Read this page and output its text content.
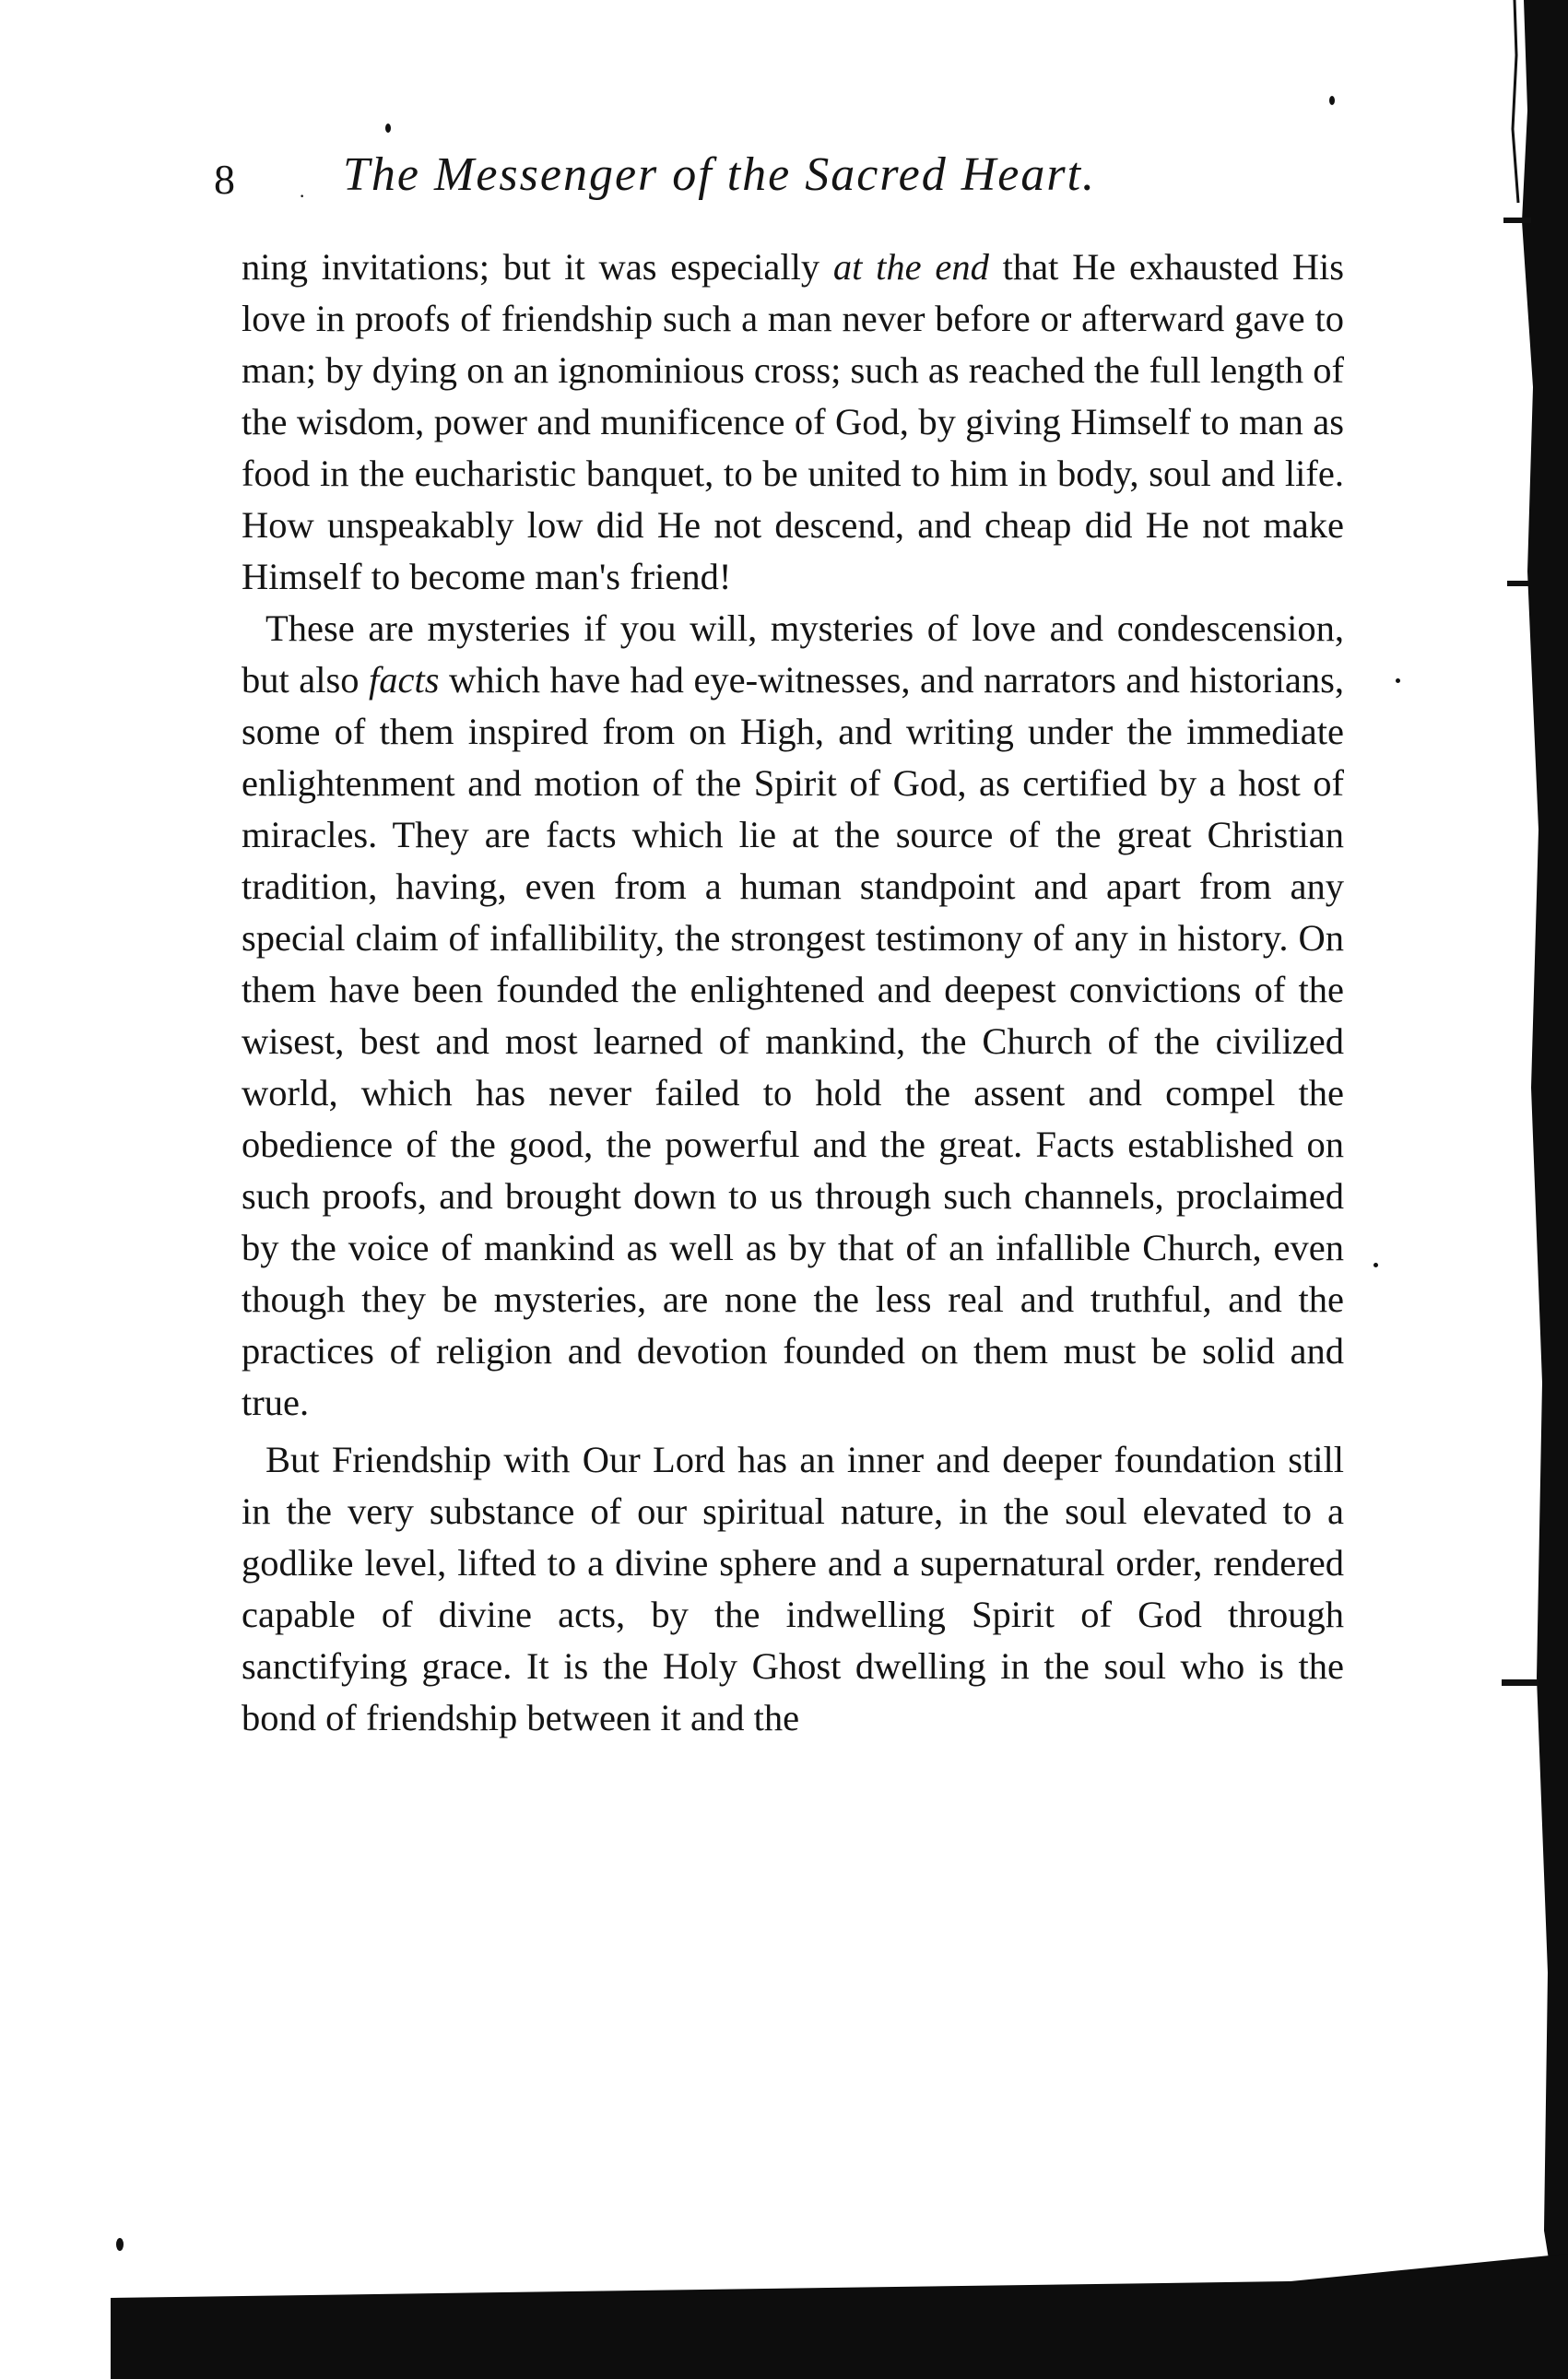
8	· The Messenger of the Sacred Heart.

ning invitations; but it was especially at the end that He exhausted His love in proofs of friendship such a man never before or afterward gave to man; by dying on an ignominious cross; such as reached the full length of the wisdom, power and munificence of God, by giving Himself to man as food in the eucharistic banquet, to be united to him in body, soul and life. How unspeakably low did He not descend, and cheap did He not make Himself to become man's friend!

These are mysteries if you will, mysteries of love and condescension, but also facts which have had eye-witnesses, and narrators and historians, some of them inspired from on High, and writing under the immediate enlightenment and motion of the Spirit of God, as certified by a host of miracles. They are facts which lie at the source of the great Christian tradition, having, even from a human standpoint and apart from any special claim of infallibility, the strongest testimony of any in history. On them have been founded the enlightened and deepest convictions of the wisest, best and most learned of mankind, the Church of the civilized world, which has never failed to hold the assent and compel the obedience of the good, the powerful and the great. Facts established on such proofs, and brought down to us through such channels, proclaimed by the voice of mankind as well as by that of an infallible Church, even though they be mysteries, are none the less real and truthful, and the practices of religion and devotion founded on them must be solid and true.

But Friendship with Our Lord has an inner and deeper foundation still in the very substance of our spiritual nature, in the soul elevated to a godlike level, lifted to a divine sphere and a supernatural order, rendered capable of divine acts, by the indwelling Spirit of God through sanctifying grace. It is the Holy Ghost dwelling in the soul who is the bond of friendship between it and the
